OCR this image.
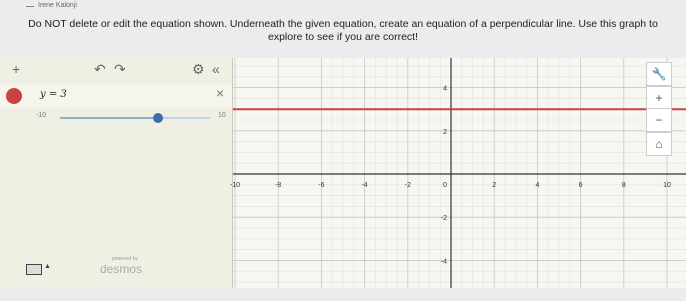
Irene Kalonji
Do NOT delete or edit the equation shown. Underneath the given equation, create an equation of a perpendicular line. Use this graph to explore to see if you are correct!
+	↶ ↷	⚙ «
y = 3	×
-10	10
▲
powered by
desmos
-10	-8	-6	-4	-2	0	2	4	6	8	10
4
2
-2
-4
🔧
+
−
⌂
